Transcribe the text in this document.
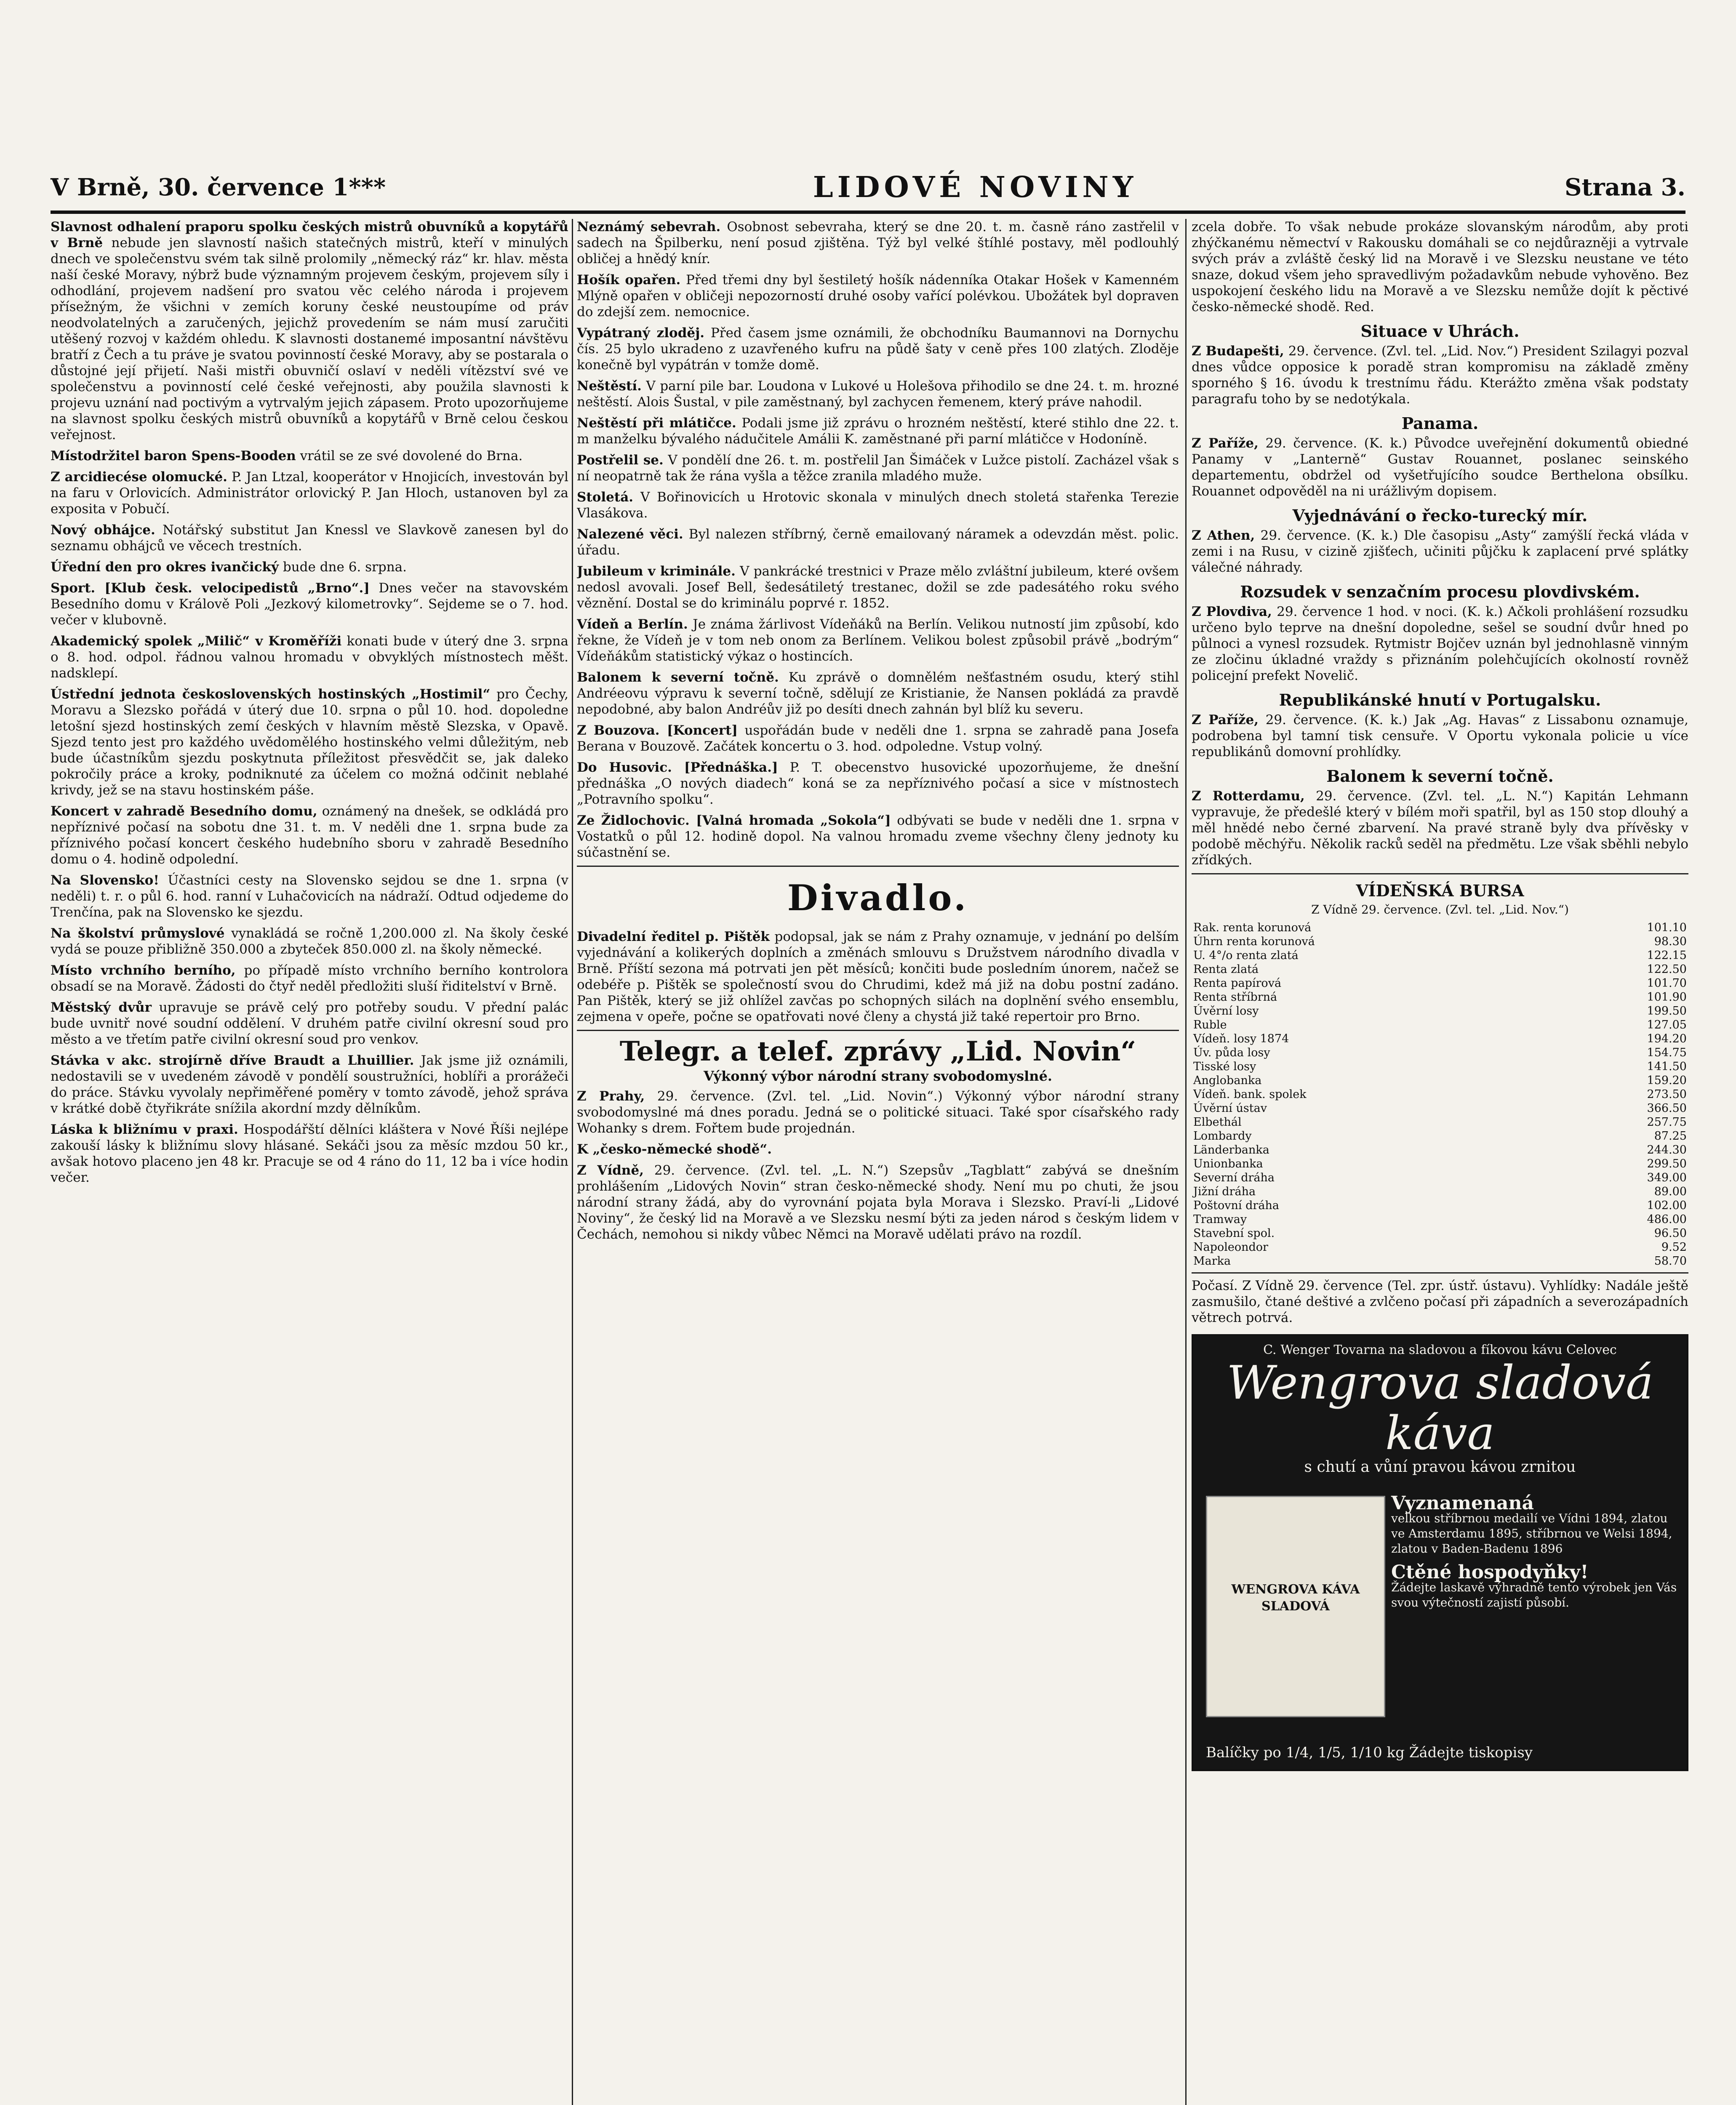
V Brně, 30. července 1***	LIDOVÉ NOVINY	Strana 3.

Slavnost odhalení praporu spolku českých mistrů obuvníků a kopytářů v Brně nebude jen slavností našich statečných mistrů, kteří v minulých dnech ve společenstvu svém tak silně prolomily „německý ráz“ kr. hlav. města naší české Moravy, nýbrž bude významným projevem českým, projevem síly i odhodlání, projevem nadšení pro svatou věc celého národa i projevem přísežným, že všichni v zemích koruny české neustoupíme od práv neodvolatelných a zaručených, jejichž provedením se nám musí zaručiti utěšený rozvoj v každém ohledu. K slavnosti dostanemé imposantní návštěvu bratří z Čech a tu práve je svatou povinností české Moravy, aby se postarala o důstojné její přijetí. Naši mistři obuvničí oslaví v neděli vítězství své ve společenstvu a povinností celé české veřejnosti, aby použila slavnosti k projevu uznání nad poctivým a vytrvalým jejich zápasem. Proto upozorňujeme na slavnost spolku českých mistrů obuvníků a kopytářů v Brně celou českou veřejnost.

Místodržitel baron Spens-Booden vrátil se ze své dovolené do Brna.

Z arcidiecése olomucké. P. Jan Ltzal, kooperátor v Hnojicích, investován byl na faru v Orlovicích. Administrátor orlovický P. Jan Hloch, ustanoven byl za exposita v Pobučí.

Nový obhájce. Notářský substitut Jan Knessl ve Slavkově zanesen byl do seznamu obhájců ve věcech trestních.

Úřední den pro okres ivančický bude dne 6. srpna.

Sport. [Klub česk. velocipedistů „Brno“.] Dnes večer na stavovském Besedního domu v Králově Poli „Jezkový kilometrovky“. Sejdeme se o 7. hod. večer v klubovně.

Akademický spolek „Milič“ v Kroměříži konati bude v úterý dne 3. srpna o 8. hod. odpol. řádnou valnou hromadu v obvyklých místnostech měšt. nadsklepí.

Ústřední jednota československých hostinských „Hostimil“ pro Čechy, Moravu a Slezsko pořádá v úterý due 10. srpna o půl 10. hod. dopoledne letošní sjezd hostinských zemí českých v hlavním městě Slezska, v Opavě. Sjezd tento jest pro každého uvědomělého hostinského velmi důležitým, neb bude účastníkům sjezdu poskytnuta příležitost přesvědčit se, jak daleko pokročily práce a kroky, podniknuté za účelem co možná odčinit neblahé krivdy, jež se na stavu hostinském páše.

Koncert v zahradě Besedního domu, oznámený na dnešek, se odkládá pro nepříznivé počasí na sobotu dne 31. t. m. V neděli dne 1. srpna bude za příznivého počasí koncert českého hudebního sboru v zahradě Besedního domu o 4. hodině odpolední.

Na Slovensko! Účastníci cesty na Slovensko sejdou se dne 1. srpna (v neděli) t. r. o půl 6. hod. ranní v Luhačovicích na nádraží. Odtud odjedeme do Trenčína, pak na Slovensko ke sjezdu.

Na školství průmyslové vynakládá se ročně 1,200.000 zl. Na školy české vydá se pouze přibližně 350.000 a zbyteček 850.000 zl. na školy německé.

Místo vrchního berního, po případě místo vrchního berního kontrolora obsadí se na Moravě. Žádosti do čtyř neděl předložiti sluší řiditelství v Brně.

Městský dvůr upravuje se právě celý pro potřeby soudu. V přední palác bude uvnitř nové soudní oddělení. V druhém patře civilní okresní soud pro město a ve třetím patře civilní okresní soud pro venkov.

Stávka v akc. strojírně dříve Braudt a Lhuillier. Jak jsme již oznámili, nedostavili se v uvedeném závodě v pondělí soustružníci, hoblíři a prorážeči do práce. Stávku vyvolaly nepřiměřené poměry v tomto závodě, jehož správa v krátké době čtyřikráte snížila akordní mzdy dělníkům.

Láska k bližnímu v praxi. Hospodářští dělníci kláštera v Nové Říši nejlépe zakouší lásky k bližnímu slovy hlásané. Sekáči jsou za měsíc mzdou 50 kr., avšak hotovo placeno jen 48 kr. Pracuje se od 4 ráno do 11, 12 ba i více hodin večer.

Neznámý sebevrah. Osobnost sebevraha, který se dne 20. t. m. časně ráno zastřelil v sadech na Špilberku, není posud zjištěna. Týž byl velké štíhlé postavy, měl podlouhlý obličej a hnědý knír.

Hošík opařen. Před třemi dny byl šestiletý hošík nádenníka Otakar Hošek v Kamenném Mlýně opařen v obličeji nepozorností druhé osoby vařící polévkou. Ubožátek byl dopraven do zdejší zem. nemocnice.

Vypátraný zloděj. Před časem jsme oznámili, že obchodníku Baumannovi na Dornychu čís. 25 bylo ukradeno z uzavřeného kufru na půdě šaty v ceně přes 100 zlatých. Zloděje konečně byl vypátrán v tomže domě.

Neštěstí. V parní pile bar. Loudona v Lukové u Holešova přihodilo se dne 24. t. m. hrozné neštěstí. Alois Šustal, v pile zaměstnaný, byl zachycen řemenem, který práve nahodil.

Neštěstí při mlátičce. Podali jsme již zprávu o hrozném neštěstí, které stihlo dne 22. t. m manželku bývalého nádučitele Amálii K. zaměstnané při parní mlátičce v Hodoníně.

Postřelil se. V pondělí dne 26. t. m. postřelil Jan Šimáček v Lužce pistolí. Zacházel však s ní neopatrně tak že rána vyšla a těžce zranila mladého muže.

Stoletá. V Bořinovicích u Hrotovic skonala v minulých dnech stoletá stařenka Terezie Vlasákova.

Nalezené věci. Byl nalezen stříbrný, černě emailovaný náramek a odevzdán měst. polic. úřadu.

Jubileum v kriminále. V pankrácké trestnici v Praze mělo zvláštní jubileum, které ovšem nedosl avovali. Josef Bell, šedesátiletý trestanec, dožil se zde padesátého roku svého věznění. Dostal se do kriminálu poprvé r. 1852.

Vídeň a Berlín. Je známa žárlivost Vídeňáků na Berlín. Velikou nutností jim způsobí, kdo řekne, že Vídeň je v tom neb onom za Berlínem. Velikou bolest způsobil právě „bodrým“ Vídeňákům statistický výkaz o hostincích.

Balonem k severní točně. Ku zprávě o domnělém nešťastném osudu, který stihl Andréeovu výpravu k severní točně, sdělují ze Kristianie, že Nansen pokládá za pravdě nepodobné, aby balon Andréův již po desíti dnech zahnán byl blíž ku severu.

Z Bouzova. [Koncert] uspořádán bude v neděli dne 1. srpna se zahradě pana Josefa Berana v Bouzově. Začátek koncertu o 3. hod. odpoledne. Vstup volný.

Do Husovic. [Přednáška.] P. T. obecenstvo husovické upozorňujeme, že dnešní přednáška „O nových diadech“ koná se za nepříznivého počasí a sice v místnostech „Potravního spolku“.

Ze Židlochovic. [Valná hromada „Sokola“] odbývati se bude v neděli dne 1. srpna v Vostatků o půl 12. hodině dopol. Na valnou hromadu zveme všechny členy jednoty ku súčastnění se.

Divadlo.

Divadelní ředitel p. Pištěk podopsal, jak se nám z Prahy oznamuje, v jednání po delším vyjednávání a kolikerých doplních a změnách smlouvu s Družstvem národního divadla v Brně. Příští sezona má potrvati jen pět měsíců; končiti bude posledním únorem, načež se odebéře p. Pištěk se společností svou do Chrudimi, kdež má již na dobu postní zadáno. Pan Pištěk, který se již ohlížel zavčas po schopných silách na doplnění svého ensemblu, zejmena v opeře, počne se opatřovati nové členy a chystá již také repertoir pro Brno.

Telegr. a telef. zprávy „Lid. Novin“
Výkonný výbor národní strany svobodomyslné.

Z Prahy, 29. července. (Zvl. tel. „Lid. Novin“.) Výkonný výbor národní strany svobodomyslné má dnes poradu. Jedná se o politické situaci. Také spor císařského rady Wohanky s drem. Fořtem bude projednán.

K „česko-německé shodě“.

Z Vídně, 29. července. (Zvl. tel. „L. N.“) Szepsův „Tagblatt“ zabývá se dnešním prohlášením „Lidových Novin“ stran česko-německé shody. Není mu po chuti, že jsou národní strany žádá, aby do vyrovnání pojata byla Morava i Slezsko. Praví-li „Lidové Noviny“, že český lid na Moravě a ve Slezsku nesmí býti za jeden národ s českým lidem v Čechách, nemohou si nikdy vůbec Němci na Moravě udělati právo na rozdíl.

zcela dobře. To však nebude prokáze slovanským národům, aby proti zhýčkanému němectví v Rakousku domáhali se co nejdůrazněji a vytrvale svých práv a zvláště český lid na Moravě i ve Slezsku neustane ve této snaze, dokud všem jeho spravedlivým požadavkům nebude vyhověno. Bez uspokojení českého lidu na Moravě a ve Slezsku nemůže dojít k pěctivé česko-německé shodě. Red.

Situace v Uhrách.

Z Budapešti, 29. července. (Zvl. tel. „Lid. Nov.“) President Szilagyi pozval dnes vůdce opposice k poradě stran kompromisu na základě změny sporného § 16. úvodu k trestnímu řádu. Kterážto změna však podstaty paragrafu toho by se nedotýkala.

Panama.

Z Paříže, 29. července. (K. k.) Původce uveřejnění dokumentů obiedné Panamy v „Lanterně“ Gustav Rouannet, poslanec seinského departementu, obdržel od vyšetřujícího soudce Berthelona obsílku. Rouannet odpověděl na ni urážlivým dopisem.

Vyjednávání o řecko-turecký mír.

Z Athen, 29. července. (K. k.) Dle časopisu „Asty“ zamýšlí řecká vláda v zemi i na Rusu, v cizině zjišťech, učiniti půjčku k zaplacení prvé splátky válečné náhrady.

Rozsudek v senzačním procesu plovdivském.

Z Plovdiva, 29. července 1 hod. v noci. (K. k.) Ačkoli prohlášení rozsudku určeno bylo teprve na dnešní dopoledne, sešel se soudní dvůr hned po půlnoci a vynesl rozsudek. Rytmistr Bojčev uznán byl jednohlasně vinným ze zločinu úkladné vraždy s přiznáním polehčujících okolností rovněž policejní prefekt Novelič.

Republikánské hnutí v Portugalsku.

Z Paříže, 29. července. (K. k.) Jak „Ag. Havas“ z Lissabonu oznamuje, podrobena byl tamní tisk censuře. V Oportu vykonala policie u více republikánů domovní prohlídky.

Balonem k severní točně.

Z Rotterdamu, 29. července. (Zvl. tel. „L. N.“) Kapitán Lehmann vypravuje, že předešlé který v bílém moři spatřil, byl as 150 stop dlouhý a měl hnědé nebo černé zbarvení. Na pravé straně byly dva přívěsky v podobě měchýřu. Několik racků seděl na předmětu. Lze však sběhli nebylo zřídkých.

VÍDEŇSKÁ BURSA
Z Vídně 29. července. (Zvl. tel. „Lid. Nov.“)
Rak. renta korunová	101.10
Úhrn renta korunová	98.30
U. 4°/o renta zlatá	122.15
Renta zlatá	122.50
Renta papírová	101.70
Renta stříbrná	101.90
Úvěrní losy	199.50
Ruble	127.05
Vídeň. losy 1874	194.20
Úv. půda losy	154.75
Tisské losy	141.50
Anglobanka	159.20
Vídeň. bank. spolek	273.50
Úvěrní ústav	366.50
Elbethál	257.75
Lombardy	87.25
Länderbanka	244.30
Unionbanka	299.50
Severní dráha	349.00
Jižní dráha	89.00
Poštovní dráha	102.00
Tramway	486.00
Stavební spol.	96.50
Napoleondor	9.52
Marka	58.70

Počasí. Z Vídně 29. července (Tel. zpr. ústř. ústavu). Vyhlídky: Nadále ještě zasmušilo, čtané deštivé a zvlčeno počasí při západních a severozápadních větrech potrvá.

C. Wenger Tovarna na sladovou a fíkovou kávu Celovec
Wengrova sladová káva
s chutí a vůní pravou kávou zrnitou
WENGROVA KÁVA SLADOVÁ
Vyznamenaná
velkou stříbrnou medailí ve Vídni 1894, zlatou ve Amsterdamu 1895, stříbrnou ve Welsi 1894, zlatou v Baden-Badenu 1896
Ctěné hospodyňky!
Žádejte laskavě výhradně tento výrobek jen Vás svou výtečností zajistí působí.
Balíčky po 1/4, 1/5, 1/10 kg Žádejte tiskopisy
